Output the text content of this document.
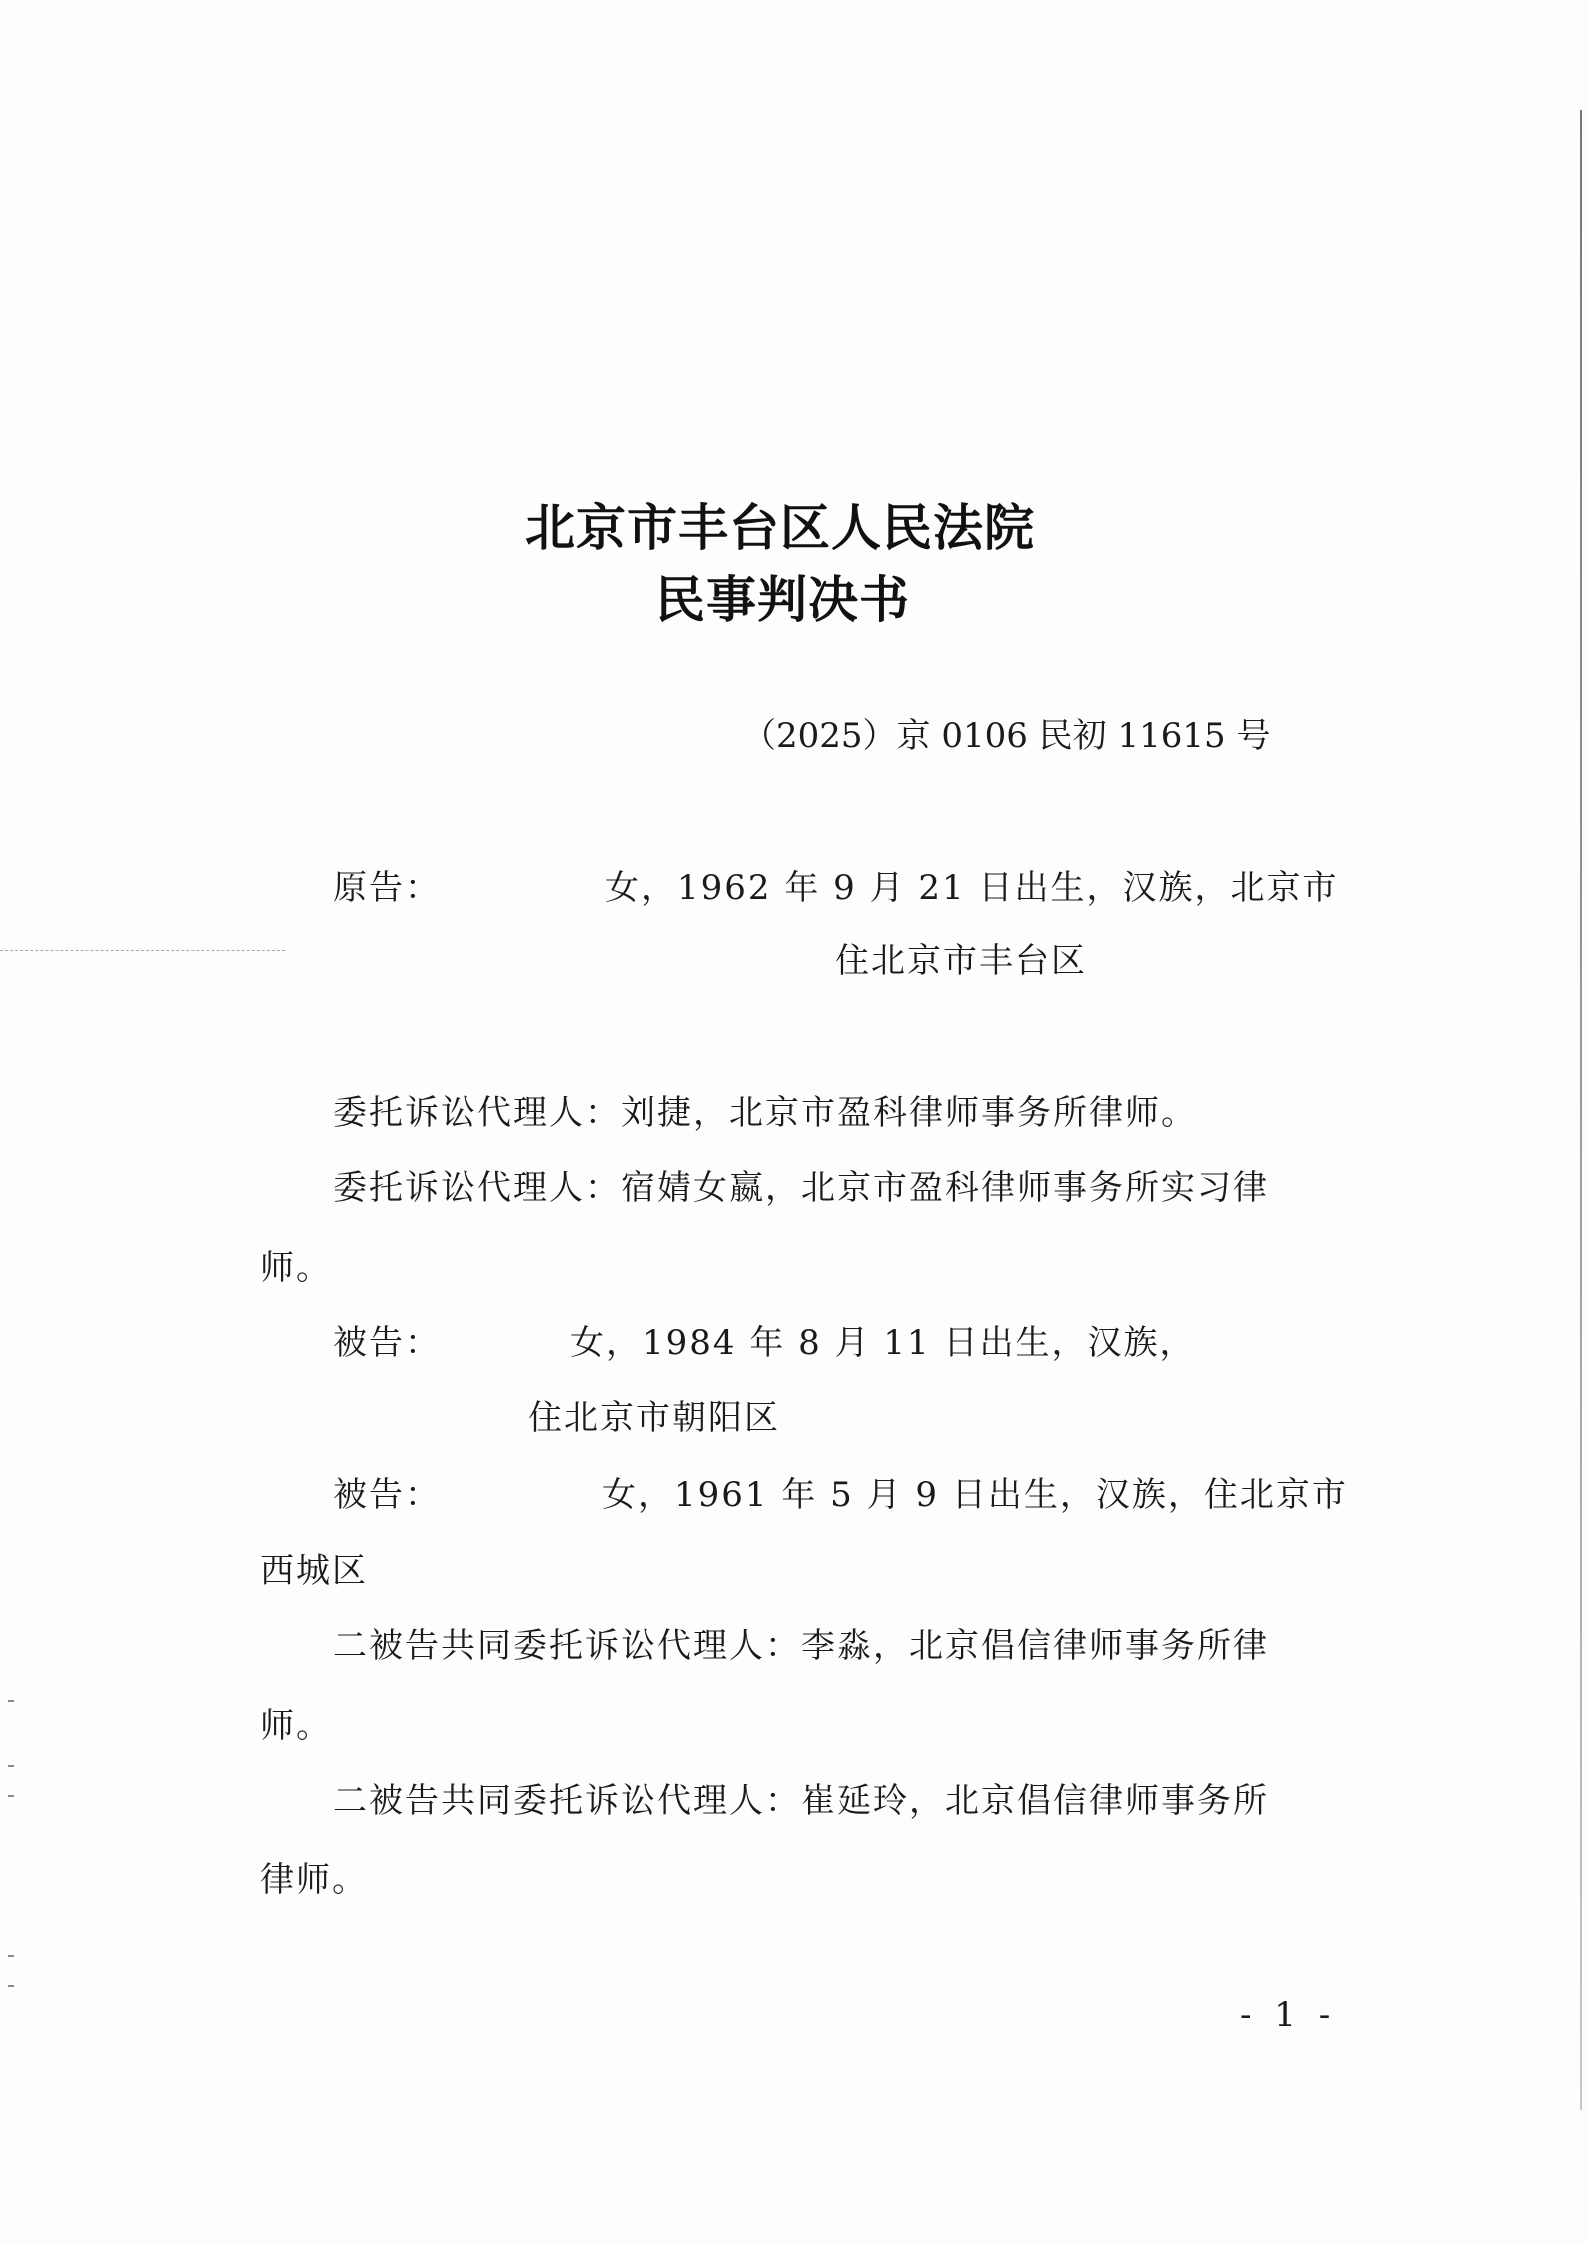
北京市丰台区人民法院
民事判决书
（2025）京 0106 民初 11615 号
原告：	女，1962 年 9 月 21 日出生，汉族，北京市
住北京市丰台区
委托诉讼代理人：刘捷，北京市盈科律师事务所律师。
委托诉讼代理人：宿婧女嬴，北京市盈科律师事务所实习律
师。
被告：	女，1984 年 8 月 11 日出生，汉族，
住北京市朝阳区
被告：	女，1961 年 5 月 9 日出生，汉族，住北京市
西城区
二被告共同委托诉讼代理人：李淼，北京倡信律师事务所律
师。
二被告共同委托诉讼代理人：崔延玲，北京倡信律师事务所
律师。
- 1 -
